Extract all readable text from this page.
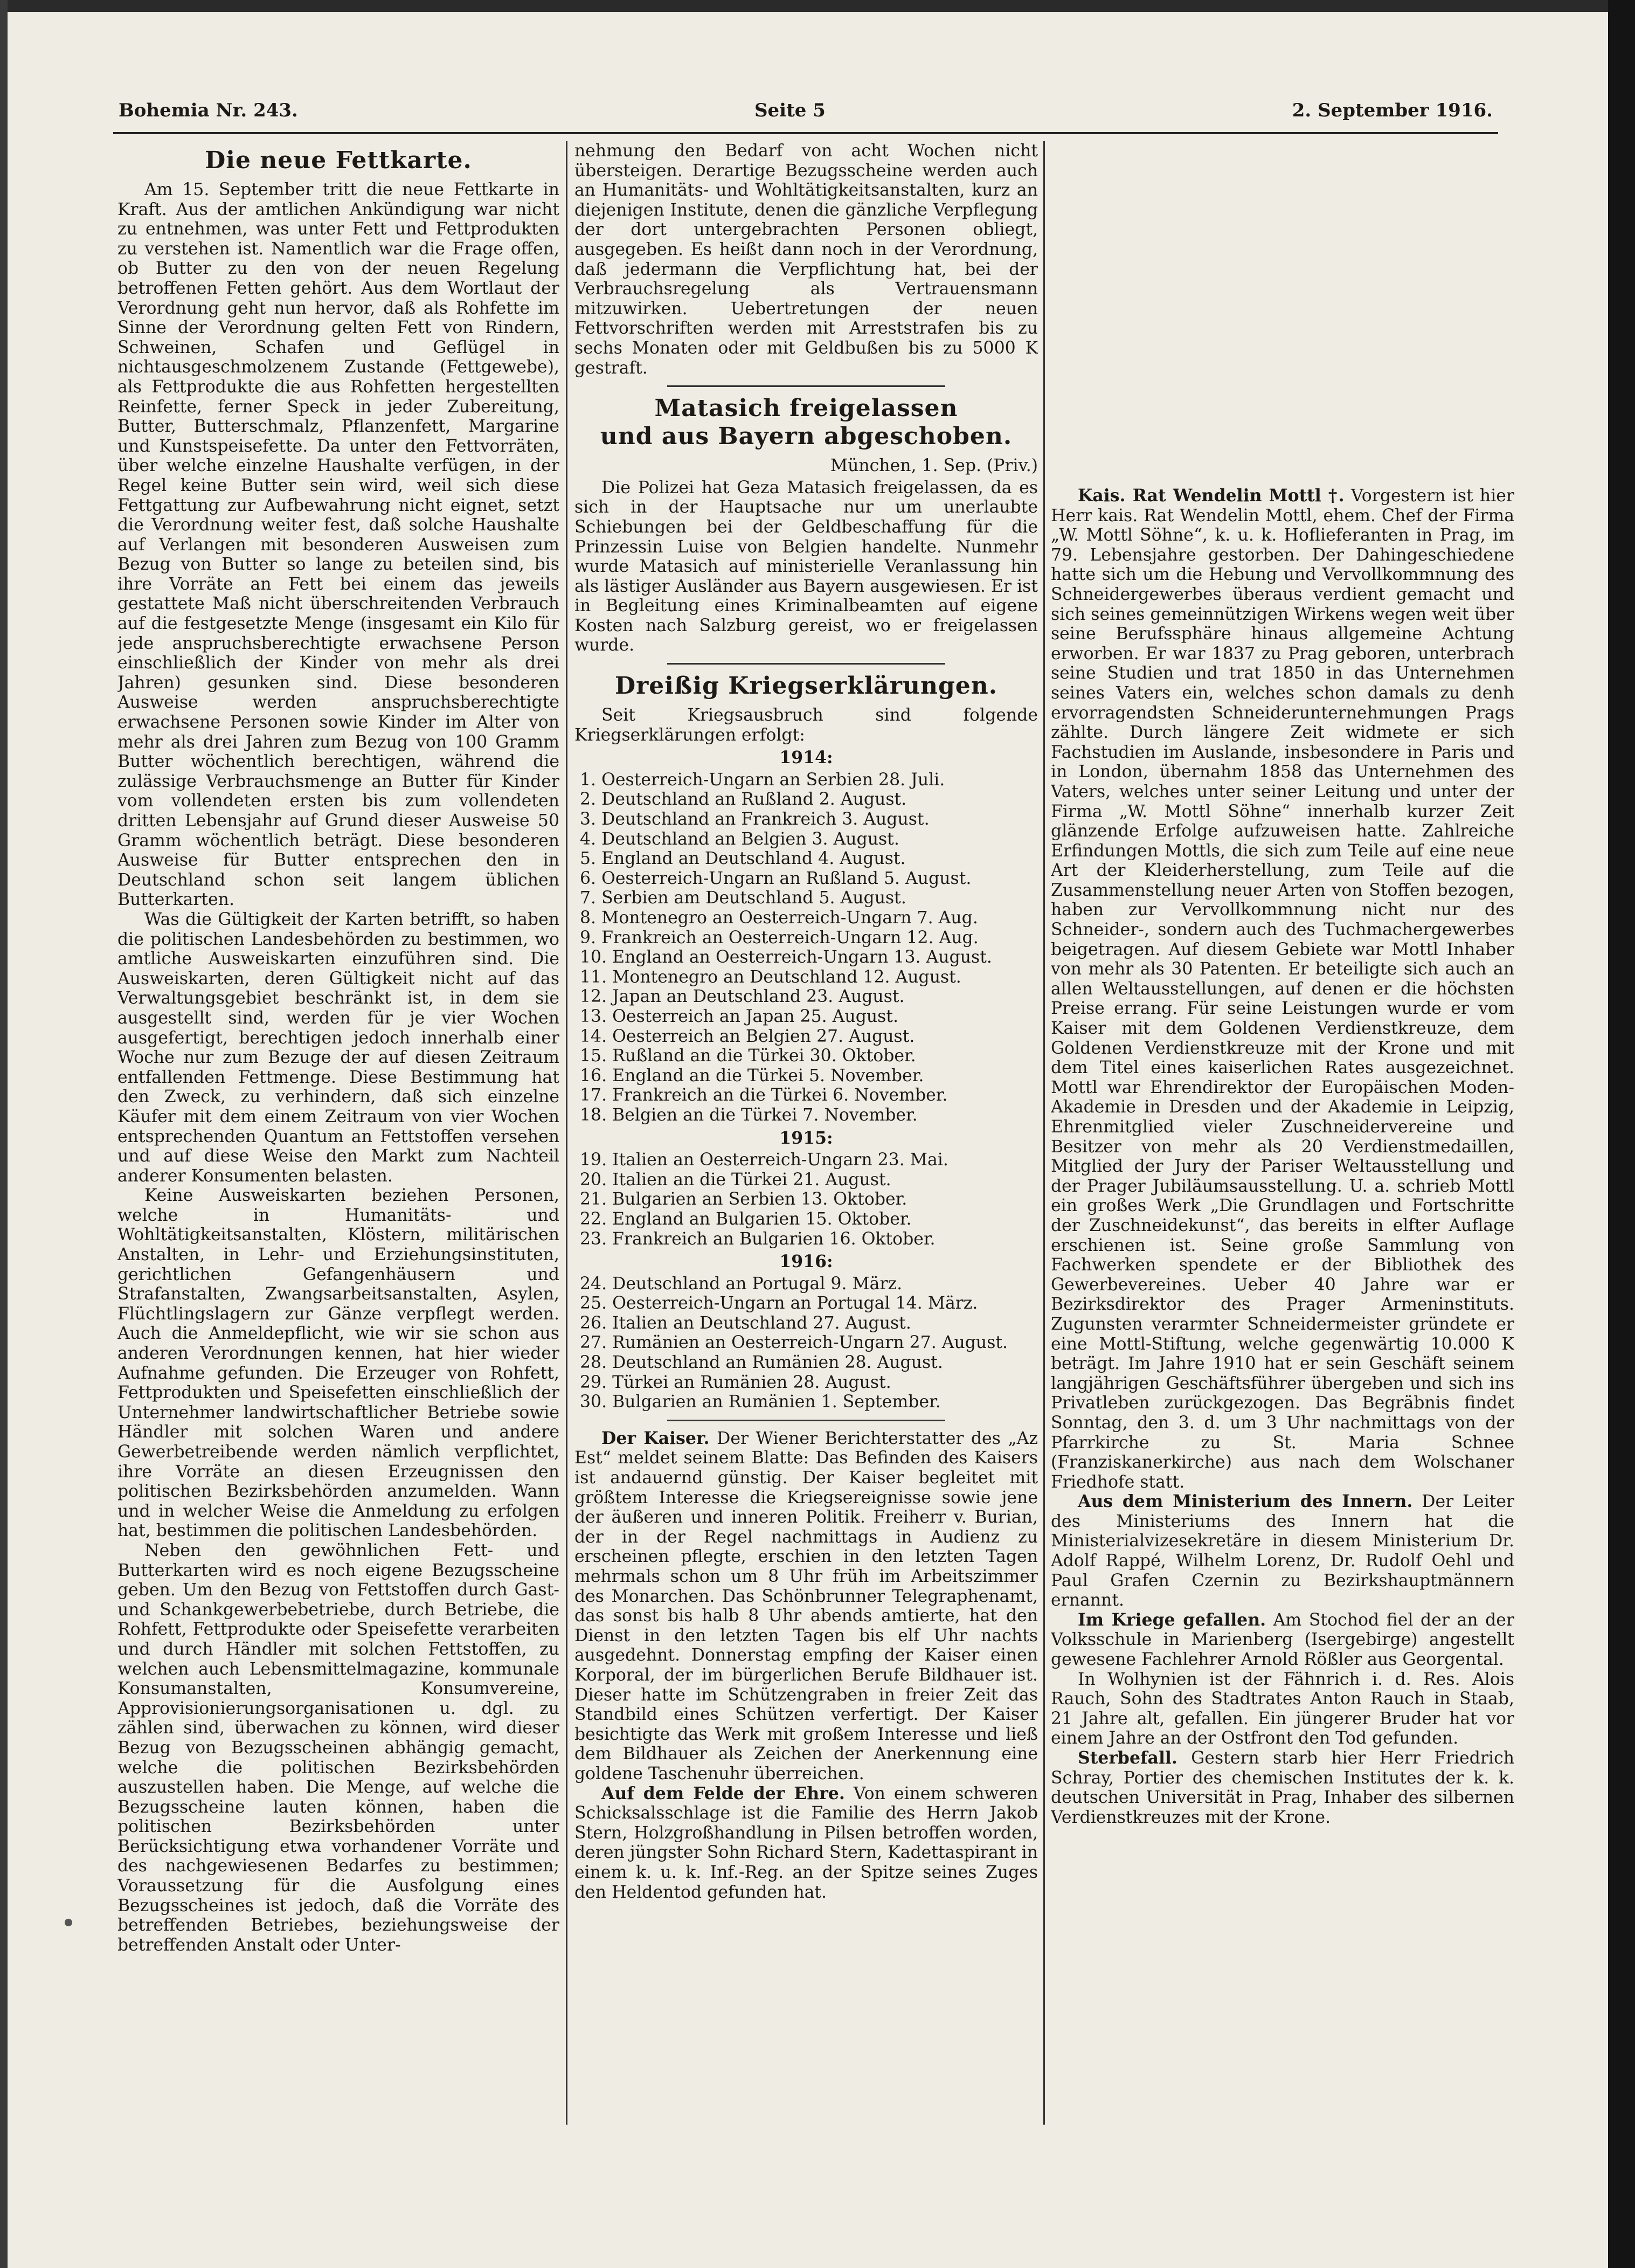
Bohemia Nr. 243.	Seite 5	2. September 1916.
Die neue Fettkarte.

Am 15. September tritt die neue Fettkarte in Kraft. Aus der amtlichen Ankündigung war nicht zu entnehmen, was unter Fett und Fettprodukten zu verstehen ist. Namentlich war die Frage offen, ob Butter zu den von der neuen Regelung betroffenen Fetten gehört. Aus dem Wortlaut der Verordnung geht nun hervor, daß als Rohfette im Sinne der Verordnung gelten Fett von Rindern, Schweinen, Schafen und Geflügel in nichtausgeschmolzenem Zustande (Fettgewebe), als Fettprodukte die aus Rohfetten hergestellten Reinfette, ferner Speck in jeder Zubereitung, Butter, Butterschmalz, Pflanzenfett, Margarine und Kunstspeisefette. Da unter den Fettvorräten, über welche einzelne Haushalte verfügen, in der Regel keine Butter sein wird, weil sich diese Fettgattung zur Aufbewahrung nicht eignet, setzt die Verordnung weiter fest, daß solche Haushalte auf Verlangen mit besonderen Ausweisen zum Bezug von Butter so lange zu beteilen sind, bis ihre Vorräte an Fett bei einem das jeweils gestattete Maß nicht überschreitenden Verbrauch auf die festgesetzte Menge (insgesamt ein Kilo für jede anspruchsberechtigte erwachsene Person einschließlich der Kinder von mehr als drei Jahren) gesunken sind. Diese besonderen Ausweise werden anspruchsberechtigte erwachsene Personen sowie Kinder im Alter von mehr als drei Jahren zum Bezug von 100 Gramm Butter wöchentlich berechtigen, während die zulässige Verbrauchsmenge an Butter für Kinder vom vollendeten ersten bis zum vollendeten dritten Lebensjahr auf Grund dieser Ausweise 50 Gramm wöchentlich beträgt. Diese besonderen Ausweise für Butter entsprechen den in Deutschland schon seit langem üblichen Butterkarten.

Was die Gültigkeit der Karten betrifft, so haben die politischen Landesbehörden zu bestimmen, wo amtliche Ausweiskarten einzuführen sind. Die Ausweiskarten, deren Gültigkeit nicht auf das Verwaltungsgebiet beschränkt ist, in dem sie ausgestellt sind, werden für je vier Wochen ausgefertigt, berechtigen jedoch innerhalb einer Woche nur zum Bezuge der auf diesen Zeitraum entfallenden Fettmenge. Diese Bestimmung hat den Zweck, zu verhindern, daß sich einzelne Käufer mit dem einem Zeitraum von vier Wochen entsprechenden Quantum an Fettstoffen versehen und auf diese Weise den Markt zum Nachteil anderer Konsumenten belasten.

Keine Ausweiskarten beziehen Personen, welche in Humanitäts- und Wohltätigkeitsanstalten, Klöstern, militärischen Anstalten, in Lehr- und Erziehungsinstituten, gerichtlichen Gefangenhäusern und Strafanstalten, Zwangsarbeitsanstalten, Asylen, Flüchtlingslagern zur Gänze verpflegt werden. Auch die Anmeldepflicht, wie wir sie schon aus anderen Verordnungen kennen, hat hier wieder Aufnahme gefunden. Die Erzeuger von Rohfett, Fettprodukten und Speisefetten einschließlich der Unternehmer landwirtschaftlicher Betriebe sowie Händler mit solchen Waren und andere Gewerbetreibende werden nämlich verpflichtet, ihre Vorräte an diesen Erzeugnissen den politischen Bezirksbehörden anzumelden. Wann und in welcher Weise die Anmeldung zu erfolgen hat, bestimmen die politischen Landesbehörden.

Neben den gewöhnlichen Fett- und Butterkarten wird es noch eigene Bezugsscheine geben. Um den Bezug von Fettstoffen durch Gast- und Schankgewerbebetriebe, durch Betriebe, die Rohfett, Fettprodukte oder Speisefette verarbeiten und durch Händler mit solchen Fettstoffen, zu welchen auch Lebensmittelmagazine, kommunale Konsumanstalten, Konsumvereine, Approvisionierungsorganisationen u. dgl. zu zählen sind, überwachen zu können, wird dieser Bezug von Bezugsscheinen abhängig gemacht, welche die politischen Bezirksbehörden auszustellen haben. Die Menge, auf welche die Bezugsscheine lauten können, haben die politischen Bezirksbehörden unter Berücksichtigung etwa vorhandener Vorräte und des nachgewiesenen Bedarfes zu bestimmen; Voraussetzung für die Ausfolgung eines Bezugsscheines ist jedoch, daß die Vorräte des betreffenden Betriebes, beziehungsweise der betreffenden Anstalt oder Unter-

nehmung den Bedarf von acht Wochen nicht übersteigen. Derartige Bezugsscheine werden auch an Humanitäts- und Wohltätigkeitsanstalten, kurz an diejenigen Institute, denen die gänzliche Verpflegung der dort untergebrachten Personen obliegt, ausgegeben. Es heißt dann noch in der Verordnung, daß jedermann die Verpflichtung hat, bei der Verbrauchsregelung als Vertrauensmann mitzuwirken. Uebertretungen der neuen Fettvorschriften werden mit Arreststrafen bis zu sechs Monaten oder mit Geldbußen bis zu 5000 K gestraft.

Matasich freigelassen
und aus Bayern abgeschoben.
München, 1. Sep. (Priv.)

Die Polizei hat Geza Matasich freigelassen, da es sich in der Hauptsache nur um unerlaubte Schiebungen bei der Geldbeschaffung für die Prinzessin Luise von Belgien handelte. Nunmehr wurde Matasich auf ministerielle Veranlassung hin als lästiger Ausländer aus Bayern ausgewiesen. Er ist in Begleitung eines Kriminalbeamten auf eigene Kosten nach Salzburg gereist, wo er freigelassen wurde.

Dreißig Kriegserklärungen.

Seit Kriegsausbruch sind folgende Kriegserklärungen erfolgt:

1914:
1. Oesterreich-Ungarn an Serbien 28. Juli.
2. Deutschland an Rußland 2. August.
3. Deutschland an Frankreich 3. August.
4. Deutschland an Belgien 3. August.
5. England an Deutschland 4. August.
6. Oesterreich-Ungarn an Rußland 5. August.
7. Serbien am Deutschland 5. August.
8. Montenegro an Oesterreich-Ungarn 7. Aug.
9. Frankreich an Oesterreich-Ungarn 12. Aug.
10. England an Oesterreich-Ungarn 13. August.
11. Montenegro an Deutschland 12. August.
12. Japan an Deutschland 23. August.
13. Oesterreich an Japan 25. August.
14. Oesterreich an Belgien 27. August.
15. Rußland an die Türkei 30. Oktober.
16. England an die Türkei 5. November.
17. Frankreich an die Türkei 6. November.
18. Belgien an die Türkei 7. November.
1915:
19. Italien an Oesterreich-Ungarn 23. Mai.
20. Italien an die Türkei 21. August.
21. Bulgarien an Serbien 13. Oktober.
22. England an Bulgarien 15. Oktober.
23. Frankreich an Bulgarien 16. Oktober.
1916:
24. Deutschland an Portugal 9. März.
25. Oesterreich-Ungarn an Portugal 14. März.
26. Italien an Deutschland 27. August.
27. Rumänien an Oesterreich-Ungarn 27. August.
28. Deutschland an Rumänien 28. August.
29. Türkei an Rumänien 28. August.
30. Bulgarien an Rumänien 1. September.

Der Kaiser. Der Wiener Berichterstatter des „Az Est“ meldet seinem Blatte: Das Befinden des Kaisers ist andauernd günstig. Der Kaiser begleitet mit größtem Interesse die Kriegsereignisse sowie jene der äußeren und inneren Politik. Freiherr v. Burian, der in der Regel nachmittags in Audienz zu erscheinen pflegte, erschien in den letzten Tagen mehrmals schon um 8 Uhr früh im Arbeitszimmer des Monarchen. Das Schönbrunner Telegraphenamt, das sonst bis halb 8 Uhr abends amtierte, hat den Dienst in den letzten Tagen bis elf Uhr nachts ausgedehnt. Donnerstag empfing der Kaiser einen Korporal, der im bürgerlichen Berufe Bildhauer ist. Dieser hatte im Schützengraben in freier Zeit das Standbild eines Schützen verfertigt. Der Kaiser besichtigte das Werk mit großem Interesse und ließ dem Bildhauer als Zeichen der Anerkennung eine goldene Taschenuhr überreichen.

Auf dem Felde der Ehre. Von einem schweren Schicksalsschlage ist die Familie des Herrn Jakob Stern, Holzgroßhandlung in Pilsen betroffen worden, deren jüngster Sohn Richard Stern, Kadettaspirant in einem k. u. k. Inf.-Reg. an der Spitze seines Zuges den Heldentod gefunden hat.

Kais. Rat Wendelin Mottl †. Vorgestern ist hier Herr kais. Rat Wendelin Mottl, ehem. Chef der Firma „W. Mottl Söhne“, k. u. k. Hoflieferanten in Prag, im 79. Lebensjahre gestorben. Der Dahingeschiedene hatte sich um die Hebung und Vervollkommnung des Schneidergewerbes überaus verdient gemacht und sich seines gemeinnützigen Wirkens wegen weit über seine Berufssphäre hinaus allgemeine Achtung erworben. Er war 1837 zu Prag geboren, unterbrach seine Studien und trat 1850 in das Unternehmen seines Vaters ein, welches schon damals zu denh ervorragendsten Schneiderunternehmungen Prags zählte. Durch längere Zeit widmete er sich Fachstudien im Auslande, insbesondere in Paris und in London, übernahm 1858 das Unternehmen des Vaters, welches unter seiner Leitung und unter der Firma „W. Mottl Söhne“ innerhalb kurzer Zeit glänzende Erfolge aufzuweisen hatte. Zahlreiche Erfindungen Mottls, die sich zum Teile auf eine neue Art der Kleiderherstellung, zum Teile auf die Zusammenstellung neuer Arten von Stoffen bezogen, haben zur Vervollkommnung nicht nur des Schneider-, sondern auch des Tuchmachergewerbes beigetragen. Auf diesem Gebiete war Mottl Inhaber von mehr als 30 Patenten. Er beteiligte sich auch an allen Weltausstellungen, auf denen er die höchsten Preise errang. Für seine Leistungen wurde er vom Kaiser mit dem Goldenen Verdienstkreuze, dem Goldenen Verdienstkreuze mit der Krone und mit dem Titel eines kaiserlichen Rates ausgezeichnet. Mottl war Ehrendirektor der Europäischen Moden-Akademie in Dresden und der Akademie in Leipzig, Ehrenmitglied vieler Zuschneidervereine und Besitzer von mehr als 20 Verdienstmedaillen, Mitglied der Jury der Pariser Weltausstellung und der Prager Jubiläumsausstellung. U. a. schrieb Mottl ein großes Werk „Die Grundlagen und Fortschritte der Zuschneidekunst“, das bereits in elfter Auflage erschienen ist. Seine große Sammlung von Fachwerken spendete er der Bibliothek des Gewerbevereines. Ueber 40 Jahre war er Bezirksdirektor des Prager Armeninstituts. Zugunsten verarmter Schneidermeister gründete er eine Mottl-Stiftung, welche gegenwärtig 10.000 K beträgt. Im Jahre 1910 hat er sein Geschäft seinem langjährigen Geschäftsführer übergeben und sich ins Privatleben zurückgezogen. Das Begräbnis findet Sonntag, den 3. d. um 3 Uhr nachmittags von der Pfarrkirche zu St. Maria Schnee (Franziskanerkirche) aus nach dem Wolschaner Friedhofe statt.

Aus dem Ministerium des Innern. Der Leiter des Ministeriums des Innern hat die Ministerialvizesekretäre in diesem Ministerium Dr. Adolf Rappé, Wilhelm Lorenz, Dr. Rudolf Oehl und Paul Grafen Czernin zu Bezirkshauptmännern ernannt.

Im Kriege gefallen. Am Stochod fiel der an der Volksschule in Marienberg (Isergebirge) angestellt gewesene Fachlehrer Arnold Rößler aus Georgental.

In Wolhynien ist der Fähnrich i. d. Res. Alois Rauch, Sohn des Stadtrates Anton Rauch in Staab, 21 Jahre alt, gefallen. Ein jüngerer Bruder hat vor einem Jahre an der Ostfront den Tod gefunden.

Sterbefall. Gestern starb hier Herr Friedrich Schray, Portier des chemischen Institutes der k. k. deutschen Universität in Prag, Inhaber des silbernen Verdienstkreuzes mit der Krone.
